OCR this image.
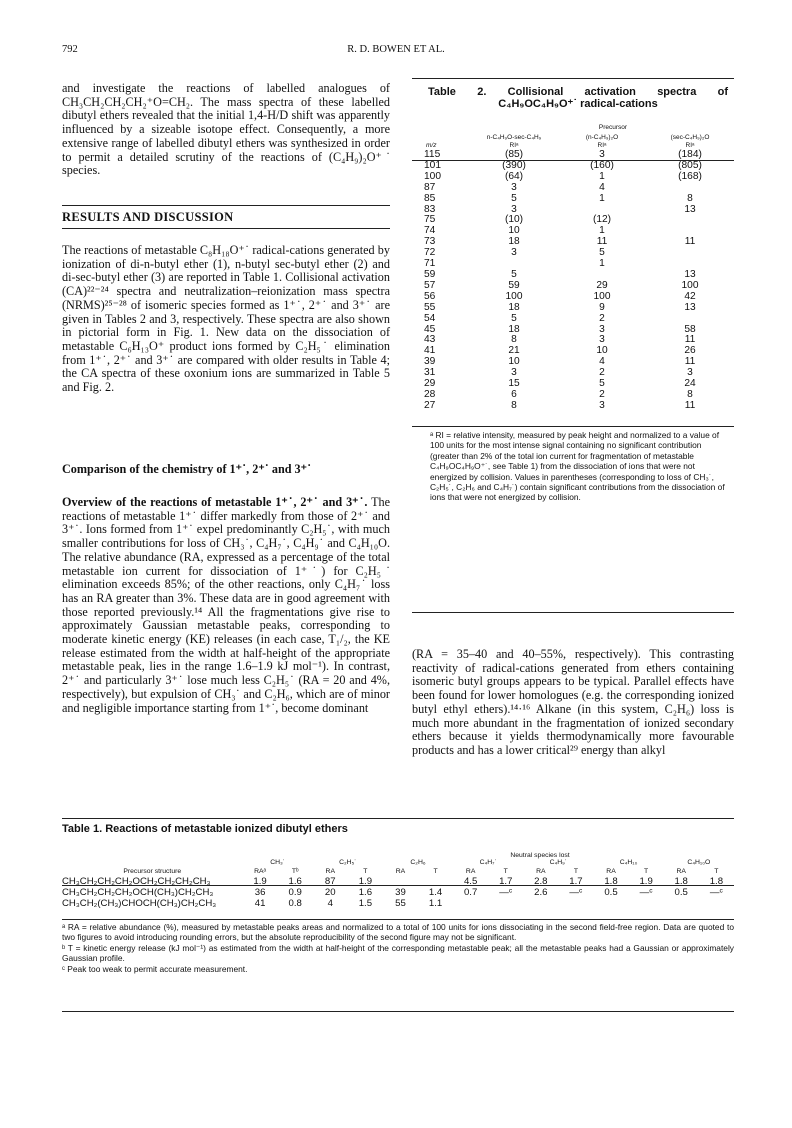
792	R. D. BOWEN ET AL.

and investigate the reactions of labelled analogues of CH₃CH₂CH₂CH₂⁺O=CH₂. The mass spectra of these labelled dibutyl ethers revealed that the initial 1,4-H/D shift was apparently influenced by a sizeable isotope effect. Consequently, a more extensive range of labelled dibutyl ethers was synthesized in order to permit a detailed scrutiny of the reactions of (C₄H₉)₂O⁺˙ species.

RESULTS AND DISCUSSION

The reactions of metastable C₈H₁₈O⁺˙ radical-cations generated by ionization of di-n-butyl ether (1), n-butyl sec-butyl ether (2) and di-sec-butyl ether (3) are reported in Table 1. Collisional activation (CA)²²⁻²⁴ spectra and neutralization–reionization mass spectra (NRMS)²⁵⁻²⁸ of isomeric species formed as 1⁺˙, 2⁺˙ and 3⁺˙ are given in Tables 2 and 3, respectively. These spectra are also shown in pictorial form in Fig. 1. New data on the dissociation of metastable C₆H₁₃O⁺ product ions formed by C₂H₅˙ elimination from 1⁺˙, 2⁺˙ and 3⁺˙ are compared with older results in Table 4; the CA spectra of these oxonium ions are summarized in Table 5 and Fig. 2.

Comparison of the chemistry of 1⁺˙, 2⁺˙ and 3⁺˙

Overview of the reactions of metastable 1⁺˙, 2⁺˙ and 3⁺˙. The reactions of metastable 1⁺˙ differ markedly from those of 2⁺˙ and 3⁺˙. Ions formed from 1⁺˙ expel predominantly C₂H₅˙, with much smaller contributions for loss of CH₃˙, C₄H₇˙, C₄H₉˙ and C₄H₁₀O. The relative abundance (RA, expressed as a percentage of the total metastable ion current for dissociation of 1⁺˙) for C₂H₅˙ elimination exceeds 85%; of the other reactions, only C₄H₇˙ loss has an RA greater than 3%. These data are in good agreement with those reported previously.¹⁴ All the fragmentations give rise to approximately Gaussian metastable peaks, corresponding to moderate kinetic energy (KE) releases (in each case, T₁/₂, the KE release estimated from the width at half-height of the appropriate metastable peak, lies in the range 1.6–1.9 kJ mol⁻¹). In contrast, 2⁺˙ and particularly 3⁺˙ lose much less C₂H₅˙ (RA = 20 and 4%, respectively), but expulsion of CH₃˙ and C₂H₆, which are of minor and negligible importance starting from 1⁺˙, become dominant

(RA = 35–40 and 40–55%, respectively). This contrasting reactivity of radical-cations generated from ethers containing isomeric butyl groups appears to be typical. Parallel effects have been found for lower homologues (e.g. the corresponding ionized butyl ethyl ethers).¹⁴·¹⁶ Alkane (in this system, C₂H₆) loss is much more abundant in the fragmentation of ionized secondary ethers because it yields thermodynamically more favourable products and has a lower critical²⁹ energy than alkyl

Table 2. Collisional activation spectra of
C₄H₉OC₄H₉O⁺˙ radical-cations
Precursor
	n-C₄H₉O-sec-C₄H₉	(n-C₄H₉)₂O	(sec-C₄H₉)₂O
m/z	RIᵃ	RIᵃ	RIᵃ
115	(85)	3	(184)
101	(390)	(160)	(805)
100	(64)	1	(168)
87	3	4	
85	5	1	8
83	3		13
75	(10)	(12)	
74	10	1	
73	18	11	11
72	3	5	
71		1	
59	5		13
57	59	29	100
56	100	100	42
55	18	9	13
54	5	2	
45	18	3	58
43	8	3	11
41	21	10	26
39	10	4	11
31	3	2	3
29	15	5	24
28	6	2	8
27	8	3	11
ᵃ RI = relative intensity, measured by peak height and normalized to a value of 100 units for the most intense signal containing no significant contribution (greater than 2% of the total ion current for fragmentation of metastable C₄H₉OC₄H₉O⁺˙, see Table 1) from the dissociation of ions that were not energized by collision. Values in parentheses (corresponding to loss of CH₃˙, C₂H₅˙, C₂H₆ and C₄H₇˙) contain significant contributions from the dissociation of ions that were not energized by collision.
Table 1. Reactions of metastable ionized dibutyl ethers
Neutral species lost
	CH₃˙		C₂H₅˙		C₂H₆		C₄H₇˙		C₄H₉˙		C₄H₁₀		C₄H₁₀O	
Precursor structure	RAᵃ	Tᵇ	RA	T	RA	T	RA	T	RA	T	RA	T	RA	T
CH₃CH₂CH₂CH₂OCH₂CH₂CH₂CH₃	1.9	1.6	87	1.9			4.5	1.7	2.8	1.7	1.8	1.9	1.8	1.8
CH₃CH₂CH₂CH₂OCH(CH₃)CH₂CH₃	36	0.9	20	1.6	39	1.4	0.7	—ᶜ	2.6	—ᶜ	0.5	—ᶜ	0.5	—ᶜ
CH₃CH₂(CH₃)CHOCH(CH₃)CH₂CH₃	41	0.8	4	1.5	55	1.1								
ᵃ RA = relative abundance (%), measured by metastable peaks areas and normalized to a total of 100 units for ions dissociating in the second field-free region. Data are quoted to two figures to avoid introducing rounding errors, but the absolute reproducibility of the second figure may not be significant.
ᵇ T = kinetic energy release (kJ mol⁻¹) as estimated from the width at half-height of the corresponding metastable peak; all the metastable peaks had a Gaussian or approximately Gaussian profile.
ᶜ Peak too weak to permit accurate measurement.
